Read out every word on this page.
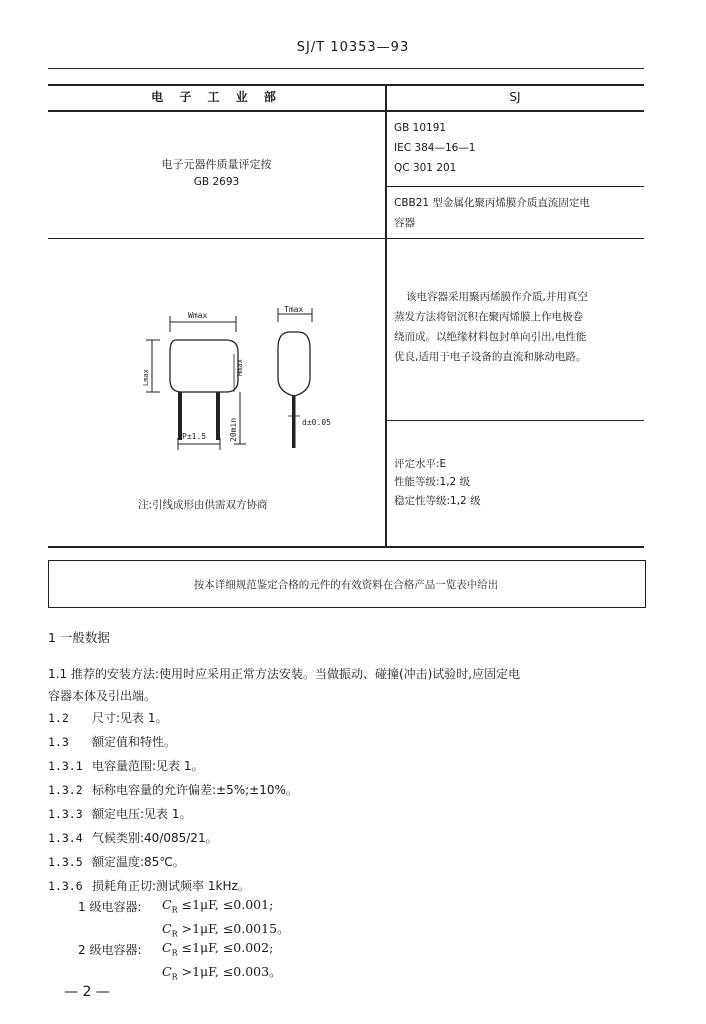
SJ/T 10353—93
电 子 工 业 部	SJ
电子元器件质量评定按
GB 2693
GB 10191
IEC 384—16—1
QC 301 201
CBB21 型金属化聚丙烯膜介质直流固定电
容器
该电容器采用聚丙烯膜作介质,并用真空
蒸发方法将铝沉积在聚丙烯膜上作电极卷
绕而成。以绝缘材料包封单向引出,电性能
优良,适用于电子设备的直流和脉动电路。
评定水平:E
性能等级:1,2 级
稳定性等级:1,2 级
Wmax
Lmax
Hmax
20min
P±1.5
Tmax
d±0.05
注:引线成形由供需双方协商
按本详细规范鉴定合格的元件的有效资料在合格产品一览表中给出
1 一般数据
1.1 推荐的安装方法:使用时应采用正常方法安装。当做振动、碰撞(冲击)试验时,应固定电
容器本体及引出端。
1.2 尺寸:见表 1。
1.3 额定值和特性。
1.3.1 电容量范围:见表 1。
1.3.2 标称电容量的允许偏差:±5%;±10%。
1.3.3 额定电压:见表 1。
1.3.4 气候类别:40/085/21。
1.3.5 额定温度:85℃。
1.3.6 损耗角正切:测试频率 1kHz。
1 级电容器: $C_R \le 1\mu F$, ≤0.001;
$C_R >1\mu F$, ≤0.0015。
2 级电容器: $C_R \le 1\mu F$, ≤0.002;
$C_R >1\mu F$, ≤0.003。
— 2 —
